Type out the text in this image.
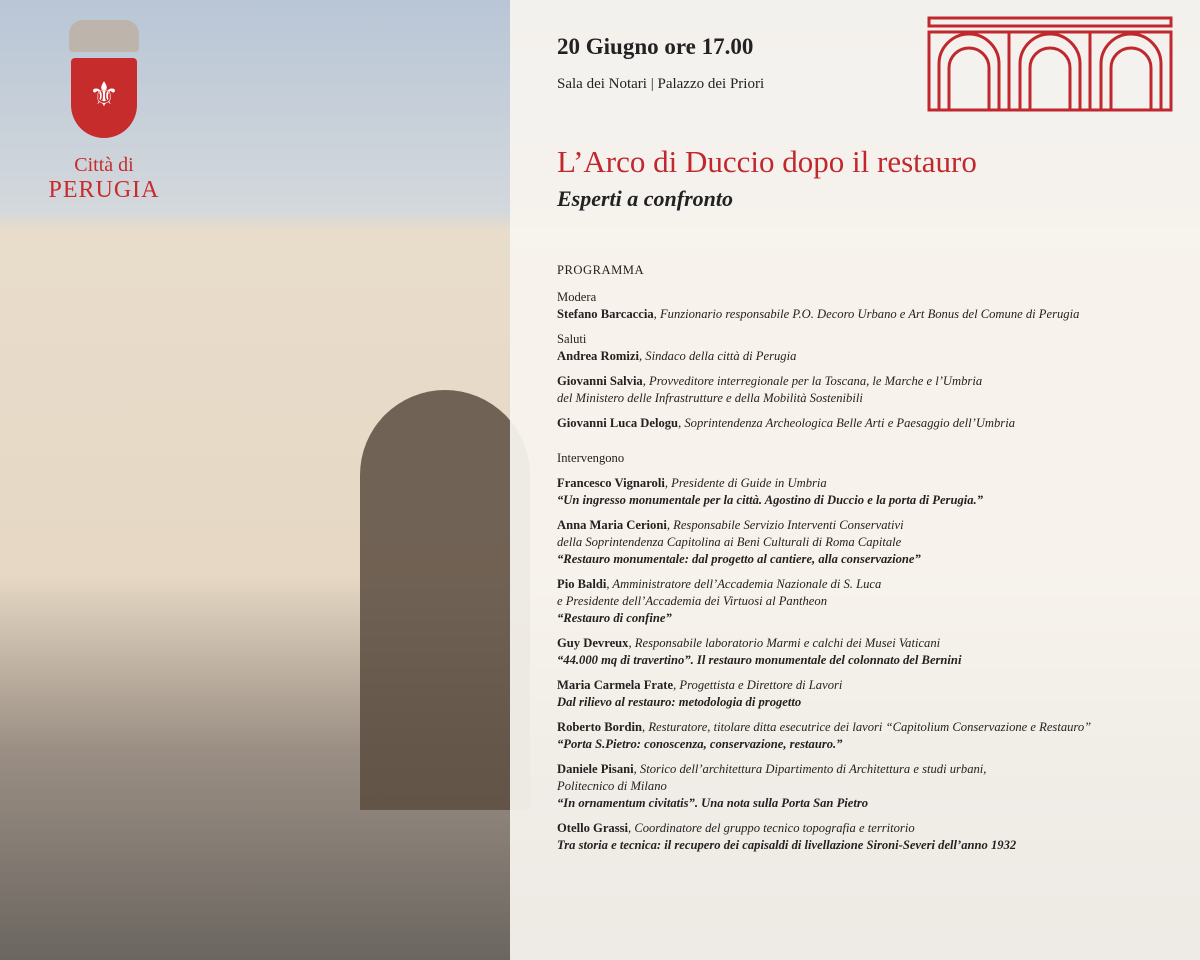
⚜
Città di
PERUGIA
20 Giugno ore 17.00
Sala dei Notari | Palazzo dei Priori
L’Arco di Duccio dopo il restauro
Esperti a confronto
PROGRAMMA
Modera
Stefano Barcaccia, Funzionario responsabile P.O. Decoro Urbano e Art Bonus del Comune di Perugia
Saluti
Andrea Romizi, Sindaco della città di Perugia
Giovanni Salvia, Provveditore interregionale per la Toscana, le Marche e l’Umbria
del Ministero delle Infrastrutture e della Mobilità Sostenibili
Giovanni Luca Delogu, Soprintendenza Archeologica Belle Arti e Paesaggio dell’Umbria
Intervengono
Francesco Vignaroli, Presidente di Guide in Umbria
“Un ingresso monumentale per la città. Agostino di Duccio e la porta di Perugia.”
Anna Maria Cerioni, Responsabile Servizio Interventi Conservativi
della Soprintendenza Capitolina ai Beni Culturali di Roma Capitale
“Restauro monumentale: dal progetto al cantiere, alla conservazione”
Pio Baldi, Amministratore dell’Accademia Nazionale di S. Luca
e Presidente dell’Accademia dei Virtuosi al Pantheon
“Restauro di confine”
Guy Devreux, Responsabile laboratorio Marmi e calchi dei Musei Vaticani
“44.000 mq di travertino”. Il restauro monumentale del colonnato del Bernini
Maria Carmela Frate, Progettista e Direttore di Lavori
Dal rilievo al restauro: metodologia di progetto
Roberto Bordin, Resturatore, titolare ditta esecutrice dei lavori “Capitolium Conservazione e Restauro”
“Porta S.Pietro: conoscenza, conservazione, restauro.”
Daniele Pisani, Storico dell’architettura Dipartimento di Architettura e studi urbani,
Politecnico di Milano
“In ornamentum civitatis”. Una nota sulla Porta San Pietro
Otello Grassi, Coordinatore del gruppo tecnico topografia e territorio
Tra storia e tecnica: il recupero dei capisaldi di livellazione Sironi-Severi dell’anno 1932
